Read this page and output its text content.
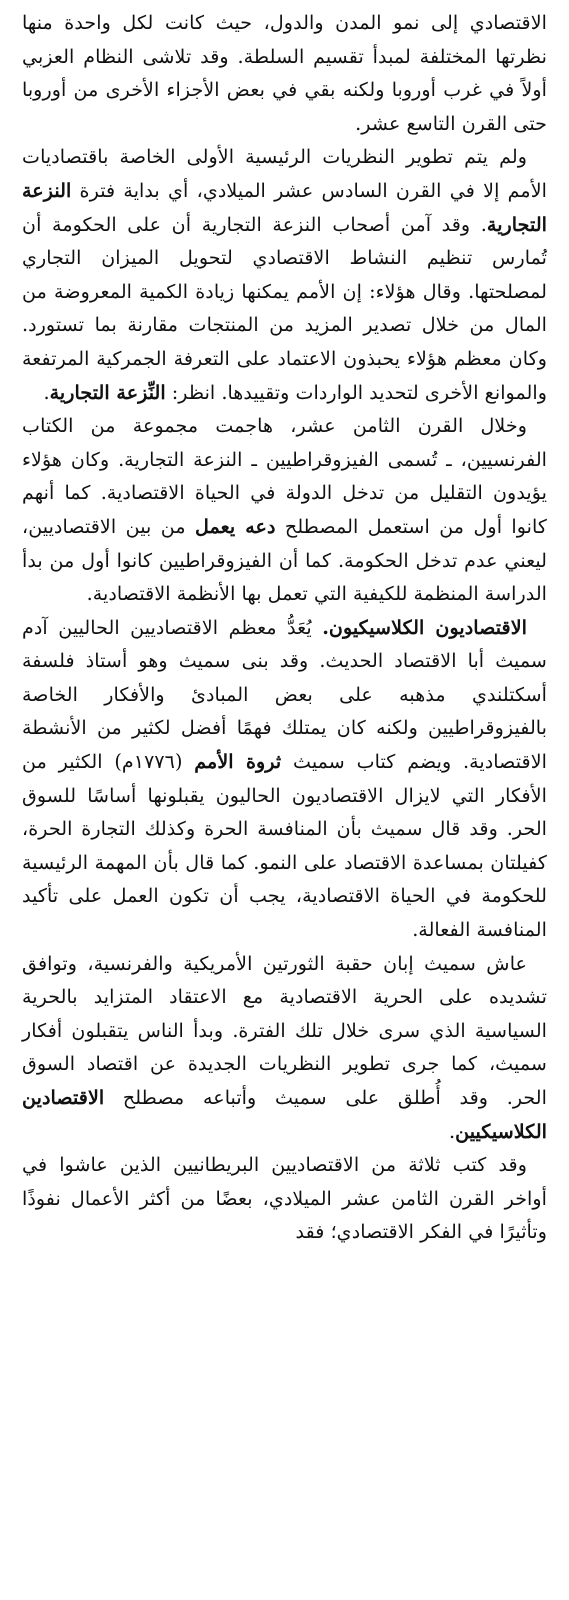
الاقتصادي إلى نمو المدن والدول، حيث كانت لكل واحدة منها نظرتها المختلفة لمبدأ تقسيم السلطة. وقد تلاشى النظام العزبي أولاً في غرب أوروبا ولكنه بقي في بعض الأجزاء الأخرى من أوروبا حتى القرن التاسع عشر.

ولم يتم تطوير النظريات الرئيسية الأولى الخاصة باقتصاديات الأمم إلا في القرن السادس عشر الميلادي، أي بداية فترة النزعة التجارية. وقد آمن أصحاب النزعة التجارية أن على الحكومة أن تُمارس تنظيم النشاط الاقتصادي لتحويل الميزان التجاري لمصلحتها. وقال هؤلاء: إن الأمم يمكنها زيادة الكمية المعروضة من المال من خلال تصدير المزيد من المنتجات مقارنة بما تستورد. وكان معظم هؤلاء يحبذون الاعتماد على التعرفة الجمركية المرتفعة والموانع الأخرى لتحديد الواردات وتقييدها. انظر: النِّزعة التجارية.

وخلال القرن الثامن عشر، هاجمت مجموعة من الكتاب الفرنسيين، ـ تُسمى الفيزوقراطيين ـ النزعة التجارية. وكان هؤلاء يؤيدون التقليل من تدخل الدولة في الحياة الاقتصادية. كما أنهم كانوا أول من استعمل المصطلح دعه يعمل من بين الاقتصاديين، ليعني عدم تدخل الحكومة. كما أن الفيزوقراطيين كانوا أول من بدأ الدراسة المنظمة للكيفية التي تعمل بها الأنظمة الاقتصادية.

الاقتصاديون الكلاسيكيون. يُعَدُّ معظم الاقتصاديين الحاليين آدم سميث أبا الاقتصاد الحديث. وقد بنى سميث وهو أستاذ فلسفة أسكتلندي مذهبه على بعض المبادئ والأفكار الخاصة بالفيزوقراطيين ولكنه كان يمتلك فهمًا أفضل لكثير من الأنشطة الاقتصادية. ويضم كتاب سميث ثروة الأمم (١٧٧٦م) الكثير من الأفكار التي لايزال الاقتصاديون الحاليون يقبلونها أساسًا للسوق الحر. وقد قال سميث بأن المنافسة الحرة وكذلك التجارة الحرة، كفيلتان بمساعدة الاقتصاد على النمو. كما قال بأن المهمة الرئيسية للحكومة في الحياة الاقتصادية، يجب أن تكون العمل على تأكيد المنافسة الفعالة.

عاش سميث إبان حقبة الثورتين الأمريكية والفرنسية، وتوافق تشديده على الحرية الاقتصادية مع الاعتقاد المتزايد بالحرية السياسية الذي سرى خلال تلك الفترة. وبدأ الناس يتقبلون أفكار سميث، كما جرى تطوير النظريات الجديدة عن اقتصاد السوق الحر. وقد أُطلق على سميث وأتباعه مصطلح الاقتصادين الكلاسيكيين.

وقد كتب ثلاثة من الاقتصاديين البريطانيين الذين عاشوا في أواخر القرن الثامن عشر الميلادي، بعضًا من أكثر الأعمال نفوذًا وتأثيرًا في الفكر الاقتصادي؛ فقد
